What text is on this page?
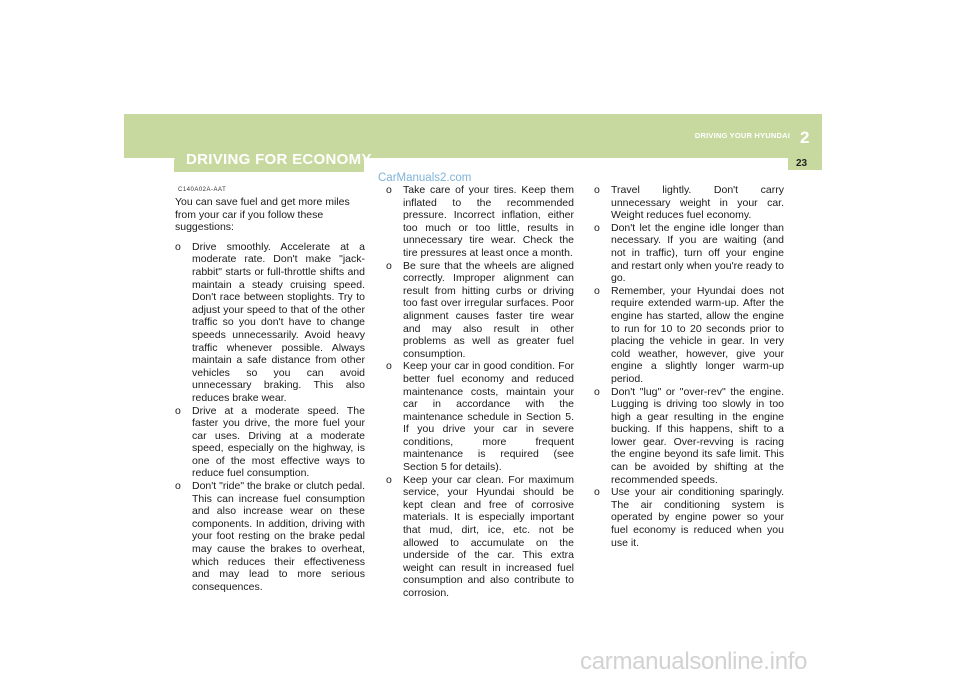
DRIVING YOUR HYUNDAI 2
DRIVING FOR ECONOMY	23
C140A02A-AAT
CarManuals2.com

You can save fuel and get more miles from your car if you follow these suggestions:

o Drive smoothly. Accelerate at a moderate rate. Don't make "jack-rabbit" starts or full-throttle shifts and maintain a steady cruising speed. Don't race between stoplights. Try to adjust your speed to that of the other traffic so you don't have to change speeds unnecessarily. Avoid heavy traffic whenever possible. Always maintain a safe distance from other vehicles so you can avoid unnecessary braking. This also reduces brake wear.
o Drive at a moderate speed. The faster you drive, the more fuel your car uses. Driving at a moderate speed, especially on the highway, is one of the most effective ways to reduce fuel consumption.
o Don't "ride" the brake or clutch pedal. This can increase fuel consumption and also increase wear on these components. In addition, driving with your foot resting on the brake pedal may cause the brakes to overheat, which reduces their effectiveness and may lead to more serious consequences.
o Take care of your tires. Keep them inflated to the recommended pressure. Incorrect inflation, either too much or too little, results in unnecessary tire wear. Check the tire pressures at least once a month.
o Be sure that the wheels are aligned correctly. Improper alignment can result from hitting curbs or driving too fast over irregular surfaces. Poor alignment causes faster tire wear and may also result in other problems as well as greater fuel consumption.
o Keep your car in good condition. For better fuel economy and reduced maintenance costs, maintain your car in accordance with the maintenance schedule in Section 5. If you drive your car in severe conditions, more frequent maintenance is required (see Section 5 for details).
o Keep your car clean. For maximum service, your Hyundai should be kept clean and free of corrosive materials. It is especially important that mud, dirt, ice, etc. not be allowed to accumulate on the underside of the car. This extra weight can result in increased fuel consumption and also contribute to corrosion.
o Travel lightly. Don't carry unnecessary weight in your car. Weight reduces fuel economy.
o Don't let the engine idle longer than necessary. If you are waiting (and not in traffic), turn off your engine and restart only when you're ready to go.
o Remember, your Hyundai does not require extended warm-up. After the engine has started, allow the engine to run for 10 to 20 seconds prior to placing the vehicle in gear. In very cold weather, however, give your engine a slightly longer warm-up period.
o Don't "lug" or "over-rev" the engine. Lugging is driving too slowly in too high a gear resulting in the engine bucking. If this happens, shift to a lower gear. Over-revving is racing the engine beyond its safe limit. This can be avoided by shifting at the recommended speeds.
o Use your air conditioning sparingly. The air conditioning system is operated by engine power so your fuel economy is reduced when you use it.
carmanualsonline.info
